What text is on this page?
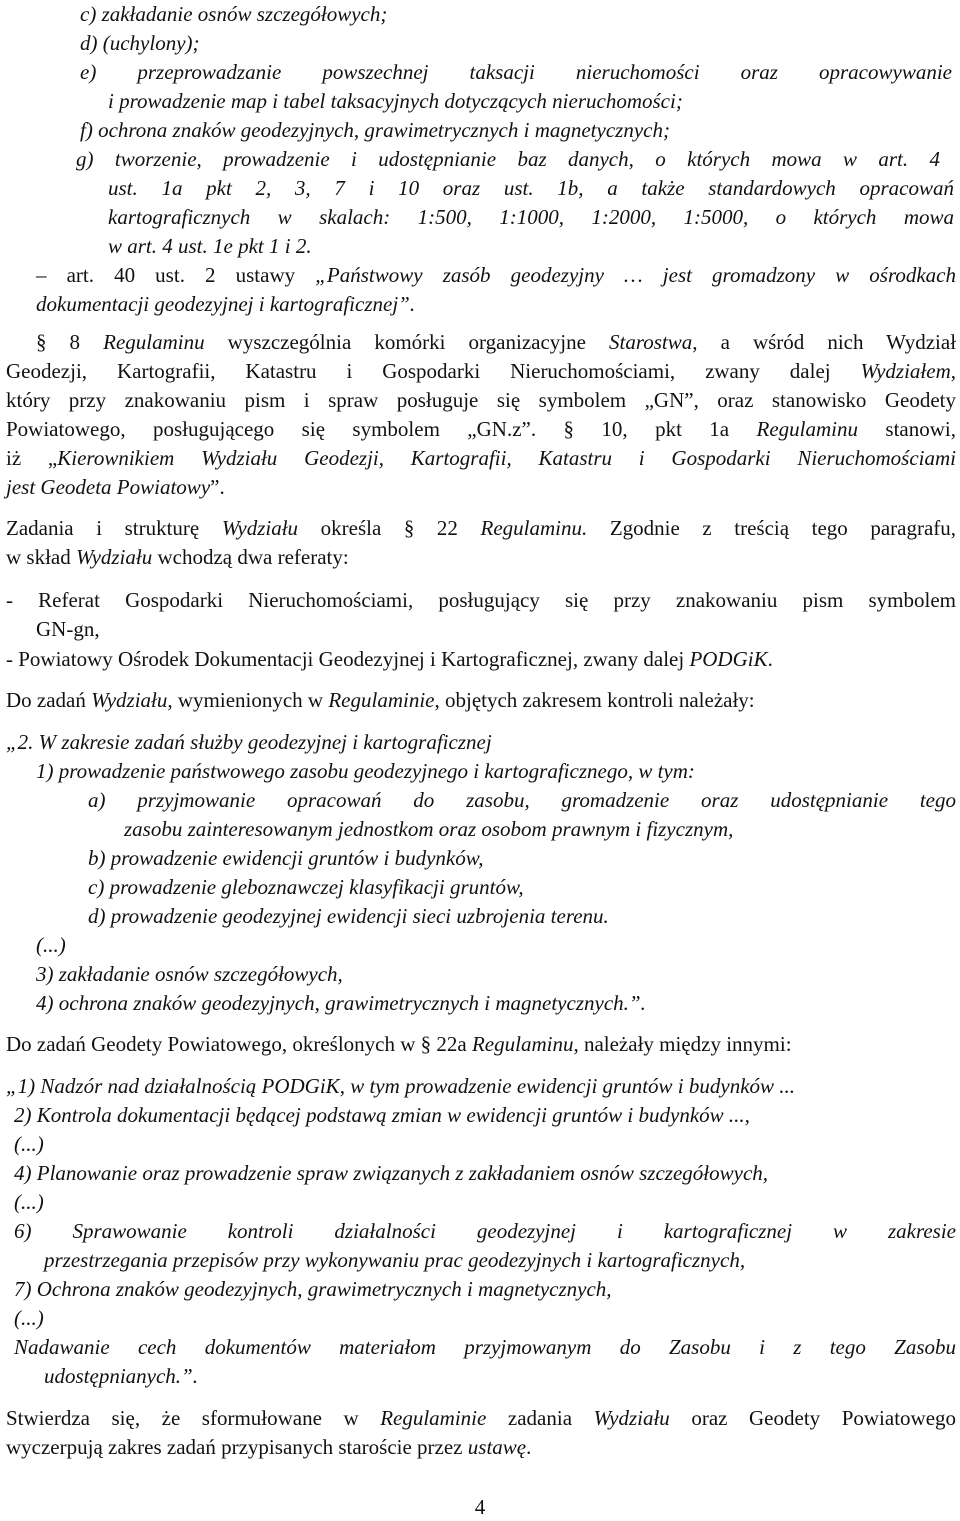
c) zakładanie osnów szczegółowych;

d) (uchylony);

e) przeprowadzanie powszechnej taksacji nieruchomości oraz opracowywanie

i prowadzenie map i tabel taksacyjnych dotyczących nieruchomości;

f) ochrona znaków geodezyjnych, grawimetrycznych i magnetycznych;

g) tworzenie, prowadzenie i udostępnianie baz danych, o których mowa w art. 4

ust. 1a pkt 2, 3, 7 i 10 oraz ust. 1b, a także standardowych opracowań

kartograficznych w skalach: 1:500, 1:1000, 1:2000, 1:5000, o których mowa

w art. 4 ust. 1e pkt 1 i 2.

– art. 40 ust. 2 ustawy „Państwowy zasób geodezyjny … jest gromadzony w ośrodkach

dokumentacji geodezyjnej i kartograficznej”.

§ 8 Regulaminu wyszczególnia komórki organizacyjne Starostwa, a wśród nich Wydział

Geodezji, Kartografii, Katastru i Gospodarki Nieruchomościami, zwany dalej Wydziałem,

który przy znakowaniu pism i spraw posługuje się symbolem „GN”, oraz stanowisko Geodety

Powiatowego, posługującego się symbolem „GN.z”. § 10, pkt 1a Regulaminu stanowi,

iż „Kierownikiem Wydziału Geodezji, Kartografii, Katastru i Gospodarki Nieruchomościami

jest Geodeta Powiatowy”.

Zadania i strukturę Wydziału określa § 22 Regulaminu. Zgodnie z treścią tego paragrafu,

w skład Wydziału wchodzą dwa referaty:

- Referat Gospodarki Nieruchomościami, posługujący się przy znakowaniu pism symbolem

GN-gn,

- Powiatowy Ośrodek Dokumentacji Geodezyjnej i Kartograficznej, zwany dalej PODGiK.

Do zadań Wydziału, wymienionych w Regulaminie, objętych zakresem kontroli należały:

„2. W zakresie zadań służby geodezyjnej i kartograficznej

1) prowadzenie państwowego zasobu geodezyjnego i kartograficznego, w tym:

a) przyjmowanie opracowań do zasobu, gromadzenie oraz udostępnianie tego

zasobu zainteresowanym jednostkom oraz osobom prawnym i fizycznym,

b) prowadzenie ewidencji gruntów i budynków,

c) prowadzenie gleboznawczej klasyfikacji gruntów,

d) prowadzenie geodezyjnej ewidencji sieci uzbrojenia terenu.

(...)

3) zakładanie osnów szczegółowych,

4) ochrona znaków geodezyjnych, grawimetrycznych i magnetycznych.”.

Do zadań Geodety Powiatowego, określonych w § 22a Regulaminu, należały między innymi:

„1) Nadzór nad działalnością PODGiK, w tym prowadzenie ewidencji gruntów i budynków ...

2) Kontrola dokumentacji będącej podstawą zmian w ewidencji gruntów i budynków ...,

(...)

4) Planowanie oraz prowadzenie spraw związanych z zakładaniem osnów szczegółowych,

(...)

6) Sprawowanie kontroli działalności geodezyjnej i kartograficznej w zakresie

przestrzegania przepisów przy wykonywaniu prac geodezyjnych i kartograficznych,

7) Ochrona znaków geodezyjnych, grawimetrycznych i magnetycznych,

(...)

Nadawanie cech dokumentów materiałom przyjmowanym do Zasobu i z tego Zasobu

udostępnianych.”.

Stwierdza się, że sformułowane w Regulaminie zadania Wydziału oraz Geodety Powiatowego

wyczerpują zakres zadań przypisanych staroście przez ustawę.

4
